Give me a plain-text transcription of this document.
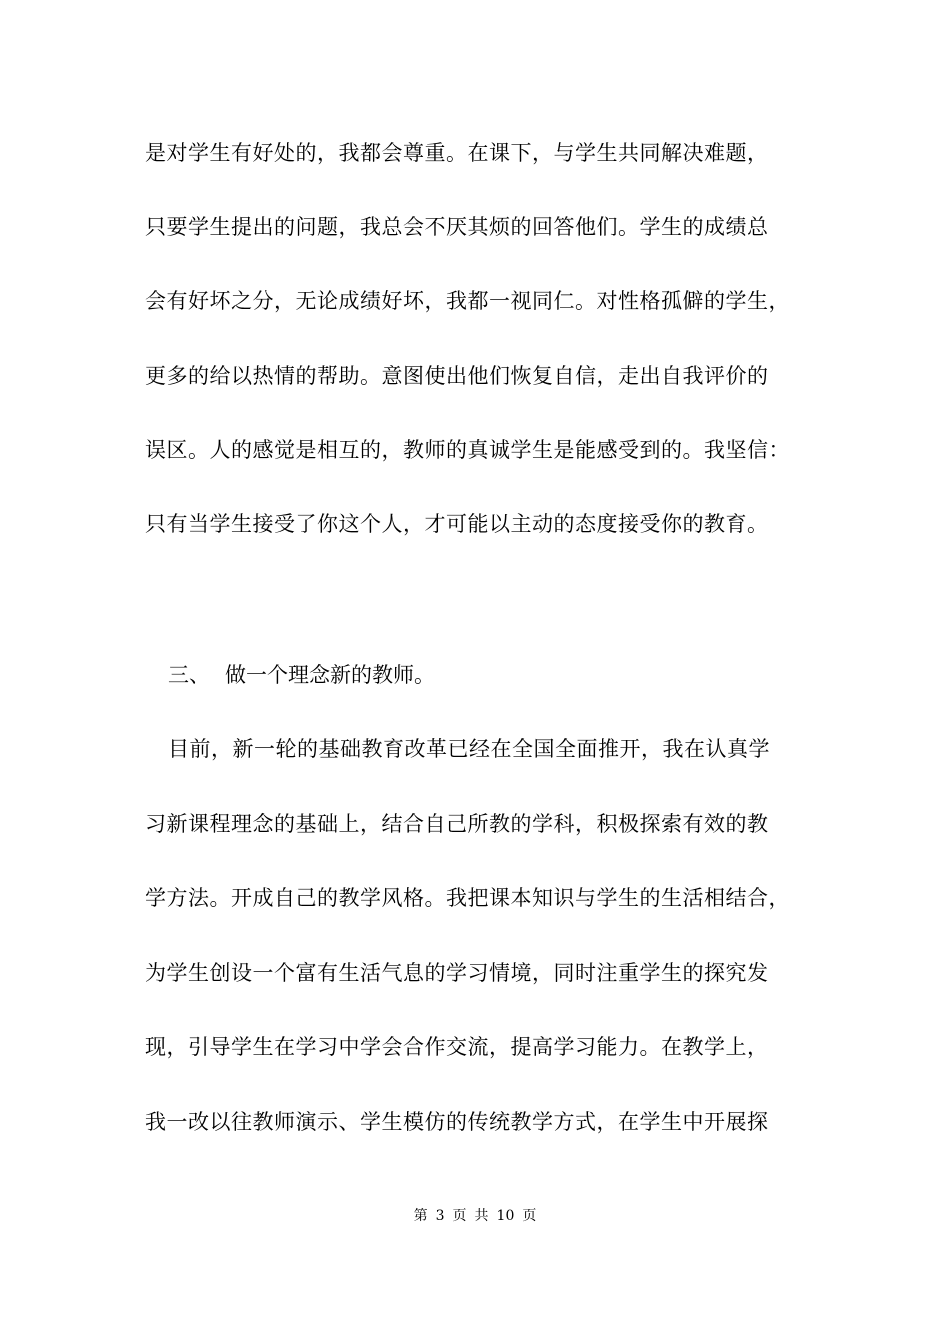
是对学生有好处的，我都会尊重。在课下，与学生共同解决难题，
只要学生提出的问题，我总会不厌其烦的回答他们。学生的成绩总
会有好坏之分，无论成绩好坏，我都一视同仁。对性格孤僻的学生，
更多的给以热情的帮助。意图使出他们恢复自信，走出自我评价的
误区。人的感觉是相互的，教师的真诚学生是能感受到的。我坚信：
只有当学生接受了你这个人，才可能以主动的态度接受你的教育。
三、 做一个理念新的教师。
目前，新一轮的基础教育改革已经在全国全面推开，我在认真学
习新课程理念的基础上，结合自己所教的学科，积极探索有效的教
学方法。开成自己的教学风格。我把课本知识与学生的生活相结合，
为学生创设一个富有生活气息的学习情境，同时注重学生的探究发
现，引导学生在学习中学会合作交流，提高学习能力。在教学上，
我一改以往教师演示、学生模仿的传统教学方式，在学生中开展探
第 3 页 共 10 页
